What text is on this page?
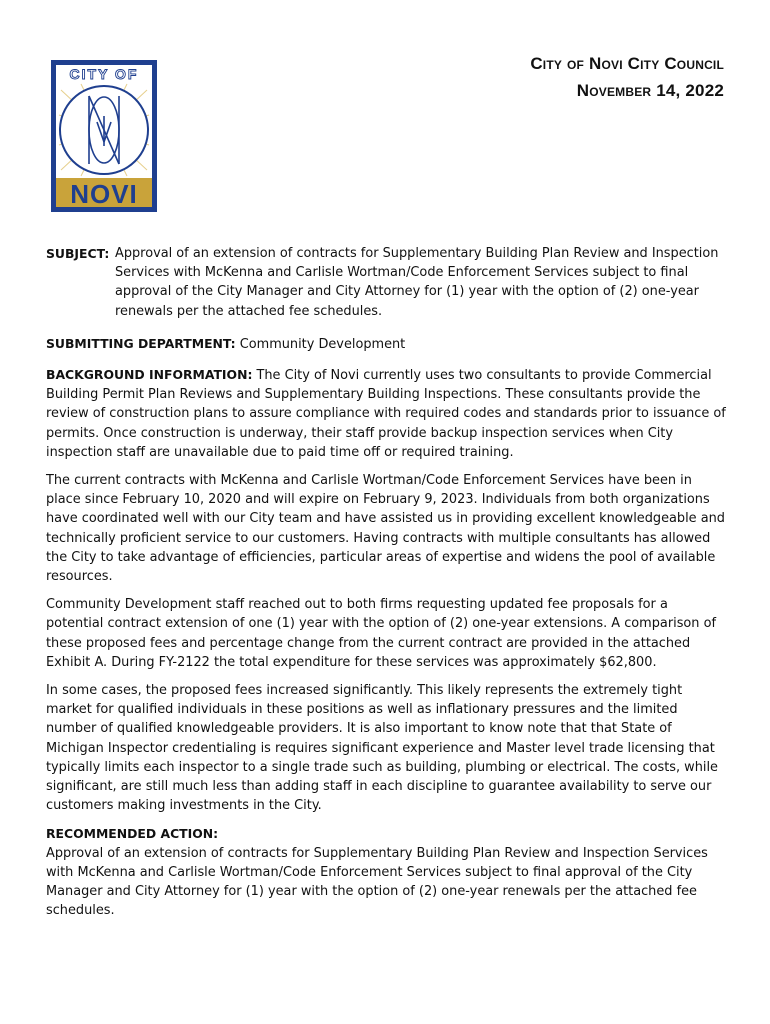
CITY OF
NOVI
City of Novi City Council
November 14, 2022
SUBJECT: Approval of an extension of contracts for Supplementary Building Plan Review and Inspection Services with McKenna and Carlisle Wortman/Code Enforcement Services subject to final approval of the City Manager and City Attorney for (1) year with the option of (2) one-year renewals per the attached fee schedules.
SUBMITTING DEPARTMENT: Community Development

BACKGROUND INFORMATION: The City of Novi currently uses two consultants to provide Commercial Building Permit Plan Reviews and Supplementary Building Inspections. These consultants provide the review of construction plans to assure compliance with required codes and standards prior to issuance of permits. Once construction is underway, their staff provide backup inspection services when City inspection staff are unavailable due to paid time off or required training.

The current contracts with McKenna and Carlisle Wortman/Code Enforcement Services have been in place since February 10, 2020 and will expire on February 9, 2023. Individuals from both organizations have coordinated well with our City team and have assisted us in providing excellent knowledgeable and technically proficient service to our customers. Having contracts with multiple consultants has allowed the City to take advantage of efficiencies, particular areas of expertise and widens the pool of available resources.

Community Development staff reached out to both firms requesting updated fee proposals for a potential contract extension of one (1) year with the option of (2) one-year extensions. A comparison of these proposed fees and percentage change from the current contract are provided in the attached Exhibit A. During FY-2122 the total expenditure for these services was approximately $62,800.

In some cases, the proposed fees increased significantly. This likely represents the extremely tight market for qualified individuals in these positions as well as inflationary pressures and the limited number of qualified knowledgeable providers. It is also important to know note that that State of Michigan Inspector credentialing is requires significant experience and Master level trade licensing that typically limits each inspector to a single trade such as building, plumbing or electrical. The costs, while significant, are still much less than adding staff in each discipline to guarantee availability to serve our customers making investments in the City.

RECOMMENDED ACTION:
Approval of an extension of contracts for Supplementary Building Plan Review and Inspection Services with McKenna and Carlisle Wortman/Code Enforcement Services subject to final approval of the City Manager and City Attorney for (1) year with the option of (2) one-year renewals per the attached fee schedules.
